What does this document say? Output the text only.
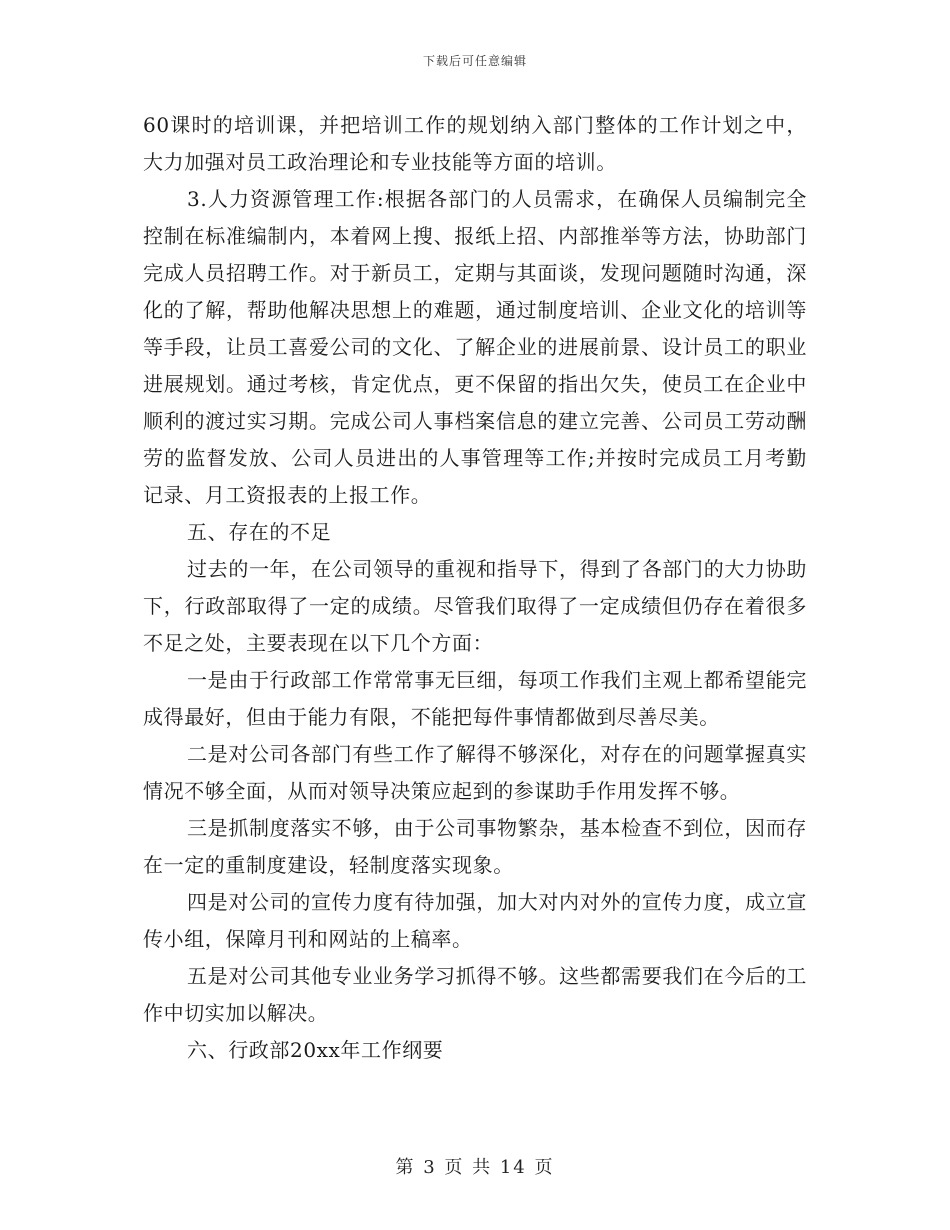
下载后可任意编辑

60课时的培训课，并把培训工作的规划纳入部门整体的工作计划之中，大力加强对员工政治理论和专业技能等方面的培训。

3.人力资源管理工作:根据各部门的人员需求，在确保人员编制完全控制在标准编制内，本着网上搜、报纸上招、内部推举等方法，协助部门完成人员招聘工作。对于新员工，定期与其面谈，发现问题随时沟通，深化的了解，帮助他解决思想上的难题，通过制度培训、企业文化的培训等等手段，让员工喜爱公司的文化、了解企业的进展前景、设计员工的职业进展规划。通过考核，肯定优点，更不保留的指出欠失，使员工在企业中顺利的渡过实习期。完成公司人事档案信息的建立完善、公司员工劳动酬劳的监督发放、公司人员进出的人事管理等工作;并按时完成员工月考勤记录、月工资报表的上报工作。

五、存在的不足

过去的一年，在公司领导的重视和指导下，得到了各部门的大力协助下，行政部取得了一定的成绩。尽管我们取得了一定成绩但仍存在着很多不足之处，主要表现在以下几个方面：

一是由于行政部工作常常事无巨细，每项工作我们主观上都希望能完成得最好，但由于能力有限，不能把每件事情都做到尽善尽美。

二是对公司各部门有些工作了解得不够深化，对存在的问题掌握真实情况不够全面，从而对领导决策应起到的参谋助手作用发挥不够。

三是抓制度落实不够，由于公司事物繁杂，基本检查不到位，因而存在一定的重制度建设，轻制度落实现象。

四是对公司的宣传力度有待加强，加大对内对外的宣传力度，成立宣传小组，保障月刊和网站的上稿率。

五是对公司其他专业业务学习抓得不够。这些都需要我们在今后的工作中切实加以解决。

六、行政部20xx年工作纲要

第 3 页 共 14 页
